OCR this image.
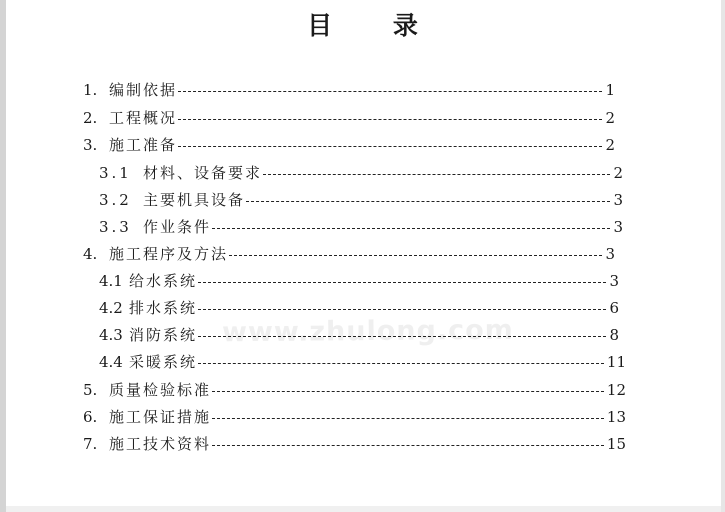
目 录
www.zhulong.com
1. 编制依据	1
2. 工程概况	2
3. 施工准备	2
3.1 材料、设备要求	2
3.2 主要机具设备	3
3.3 作业条件	3
4. 施工程序及方法	3
4.1 给水系统	3
4.2 排水系统	6
4.3 消防系统	8
4.4 采暖系统	11
5. 质量检验标准	12
6. 施工保证措施	13
7. 施工技术资料	15
